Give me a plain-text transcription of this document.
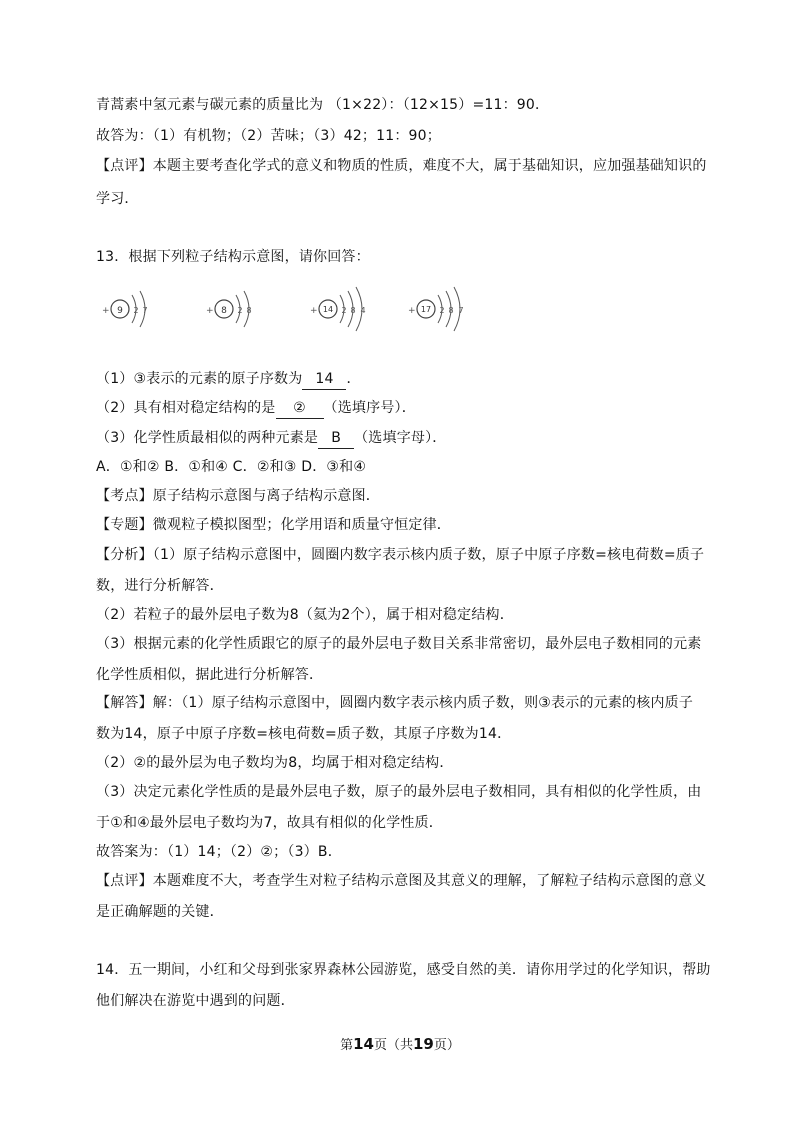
青蒿素中氢元素与碳元素的质量比为 （1×22）：（12×15）=11：90．
故答为：（1）有机物；（2）苦味；（3）42；11：90；
【点评】本题主要考查化学式的意义和物质的性质，难度不大，属于基础知识，应加强基础知识的
学习．
13．根据下列粒子结构示意图，请你回答：
+ 9 2 7	+ 8 2 8	+ 14 2 8 4	+ 17 2 8 7
（1）③表示的元素的原子序数为 14 ．
（2）具有相对稳定结构的是 ② （选填序号）．
（3）化学性质最相似的两种元素是 B （选填字母）．
A．①和② B．①和④ C．②和③ D．③和④
【考点】原子结构示意图与离子结构示意图．
【专题】微观粒子模拟图型；化学用语和质量守恒定律．
【分析】（1）原子结构示意图中，圆圈内数字表示核内质子数，原子中原子序数=核电荷数=质子
数，进行分析解答．
（2）若粒子的最外层电子数为8（氦为2个），属于相对稳定结构．
（3）根据元素的化学性质跟它的原子的最外层电子数目关系非常密切，最外层电子数相同的元素
化学性质相似，据此进行分析解答．
【解答】解：（1）原子结构示意图中，圆圈内数字表示核内质子数，则③表示的元素的核内质子
数为14，原子中原子序数=核电荷数=质子数，其原子序数为14．
（2）②的最外层为电子数均为8，均属于相对稳定结构．
（3）决定元素化学性质的是最外层电子数，原子的最外层电子数相同，具有相似的化学性质，由
于①和④最外层电子数均为7，故具有相似的化学性质．
故答案为：（1）14；（2）②；（3）B．
【点评】本题难度不大，考查学生对粒子结构示意图及其意义的理解，了解粒子结构示意图的意义
是正确解题的关键．
14．五一期间，小红和父母到张家界森林公园游览，感受自然的美．请你用学过的化学知识，帮助
他们解决在游览中遇到的问题．
第14页（共19页）
